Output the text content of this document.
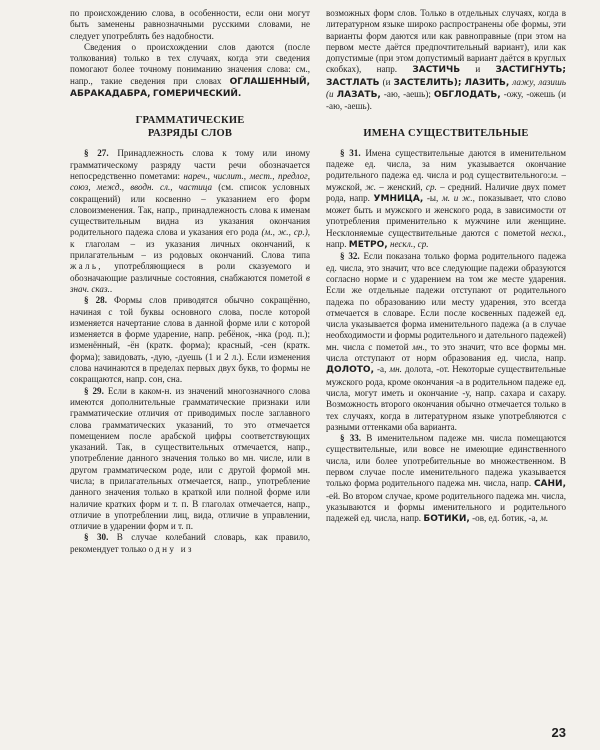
по происхождению слова, в особенности, если они могут быть заменены равнозначными русскими словами, не следует употреблять без надобности.

Сведения о происхождении слов даются (после толкования) только в тех случаях, когда эти сведения помогают более точному пониманию значения слова: см., напр., такие сведения при словах ОГЛАШЕННЫЙ, АБРАКАДАБРА, ГОМЕРИЧЕСКИЙ.

ГРАММАТИЧЕСКИЕ
РАЗРЯДЫ СЛОВ

§ 27. Принадлежность слова к тому или иному грамматическому разряду части речи обозначается непосредственно пометами: нареч., числит., мест., предлог, союз, межд., вводн. сл., частица (см. список условных сокращений) или косвенно – указанием его форм словоизменения. Так, напр., принадлежность слова к именам существительным видна из указания окончания родительного падежа слова и указания его рода (м., ж., ср.), к глаголам – из указания личных окончаний, к прилагательным – из родовых окончаний. Слова типа жаль, употребляющиеся в роли сказуемого и обозначающие различные состояния, снабжаются пометой в знач. сказ..

§ 28. Формы слов приводятся обычно сокращённо, начиная с той буквы основного слова, после которой изменяется начертание слова в данной форме или с которой изменяется в форме ударение, напр. ребёнок, -нка (род. п.); изменённый, -ён (кратк. форма); красный, -сен (кратк. форма); завидовать, -дую, -дуешь (1 и 2 л.). Если изменения слова начинаются в пределах первых двух букв, то формы не сокращаются, напр. сон, сна.

§ 29. Если в каком-н. из значений многозначного слова имеются дополнительные грамматические признаки или грамматические отличия от приводимых после заглавного слова грамматических указаний, то это отмечается помещением после арабской цифры соответствующих указаний. Так, в существительных отмечается, напр., употребление данного значения только во мн. числе, или в другом грамматическом роде, или с другой формой мн. числа; в прилагательных отмечается, напр., употребление данного значения только в краткой или полной форме или наличие кратких форм и т. п. В глаголах отмечается, напр., отличие в употреблении лиц, вида, отличие в управлении, отличие в ударении форм и т. п.

§ 30. В случае колебаний словарь, как правило, рекомендует только одну из

возможных форм слов. Только в отдельных случаях, когда в литературном языке широко распространены обе формы, эти варианты форм даются или как равноправные (при этом на первом месте даётся предпочтительный вариант), или как допустимые (при этом допустимый вариант даётся в круглых скобках), напр. ЗАСТИЧЬ и ЗАСТИГНУТЬ; ЗАСТЛАТЬ (и ЗАСТЕЛИТЬ); ЛАЗИТЬ, лажу, лазишь (и ЛАЗАТЬ, -аю, -аешь); ОБГЛОДАТЬ, -ожу, -ожешь (и -аю, -аешь).

ИМЕНА СУЩЕСТВИТЕЛЬНЫЕ

§ 31. Имена существительные даются в именительном падеже ед. числа, за ним указывается окончание родительного падежа ед. числа и род существительного:м. – мужской, ж. – женский, ср. – средний. Наличие двух помет рода, напр. УМНИЦА, -ы, м. и ж., показывает, что слово может быть и мужского и женского рода, в зависимости от употребления применительно к мужчине или женщине. Несклоняемые существительные даются с пометой нескл., напр. МЕТРО, нескл., ср.

§ 32. Если показана только форма родительного падежа ед. числа, это значит, что все следующие падежи образуются согласно норме и с ударением на том же месте ударения. Если же отдельные падежи отступают от родительного падежа по образованию или месту ударения, это всегда отмечается в словаре. Если после косвенных падежей ед. числа указывается форма именительного падежа (а в случае необходимости и формы родительного и дательного падежей) мн. числа с пометой мн., то это значит, что все формы мн. числа отступают от норм образования ед. числа, напр. ДОЛОТО, -а, мн. долота, -от. Некоторые существительные мужского рода, кроме окончания -а в родительном падеже ед. числа, могут иметь и окончание -у, напр. сахара и сахару. Возможность второго окончания обычно отмечается только в тех случаях, когда в литературном языке употребляются с разными оттенками оба варианта.

§ 33. В именительном падеже мн. числа помещаются существительные, или вовсе не имеющие единственного числа, или более употребительные во множественном. В первом случае после именительного падежа указывается только форма родительного падежа мн. числа, напр. САНИ, -ей. Во втором случае, кроме родительного падежа мн. числа, указываются и формы именительного и родительного падежей ед. числа, напр. БОТИКИ, -ов, ед. ботик, -а, м.

23
